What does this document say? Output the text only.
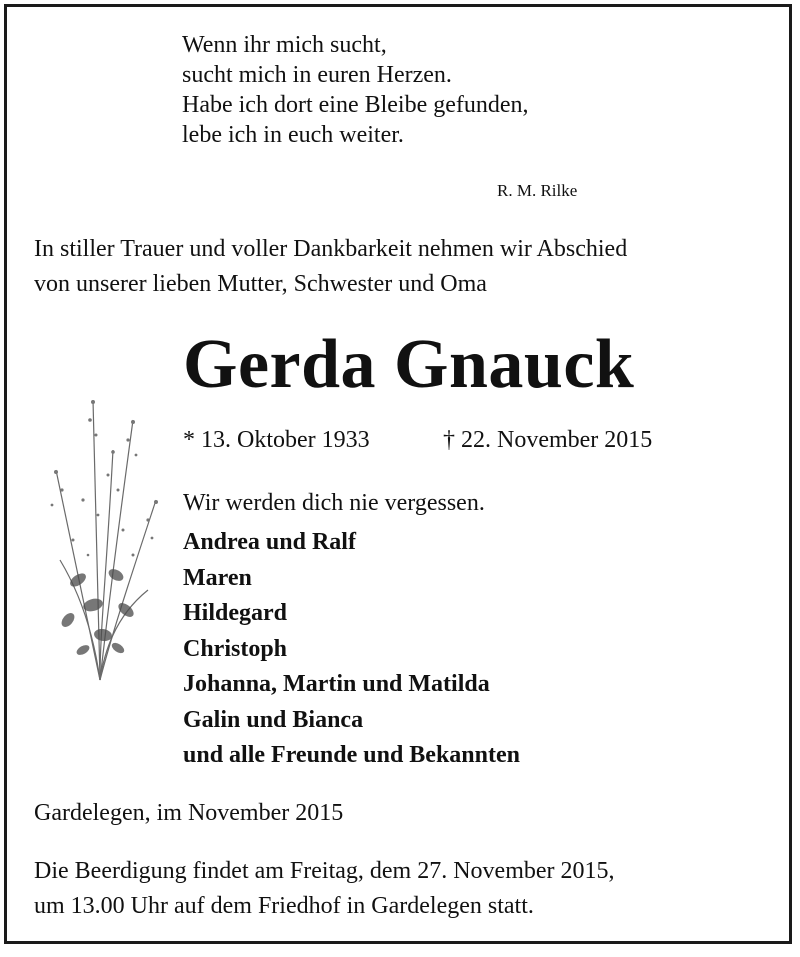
Wenn ihr mich sucht,
sucht mich in euren Herzen.
Habe ich dort eine Bleibe gefunden,
lebe ich in euch weiter.
R. M. Rilke
In stiller Trauer und voller Dankbarkeit nehmen wir Abschied
von unserer lieben Mutter, Schwester und Oma
Gerda Gnauck
* 13. Oktober 1933	† 22. November 2015
Wir werden dich nie vergessen.
Andrea und Ralf
Maren
Hildegard
Christoph
Johanna, Martin und Matilda
Galin und Bianca
und alle Freunde und Bekannten
Gardelegen, im November 2015
Die Beerdigung findet am Freitag, dem 27. November 2015,
um 13.00 Uhr auf dem Friedhof in Gardelegen statt.
